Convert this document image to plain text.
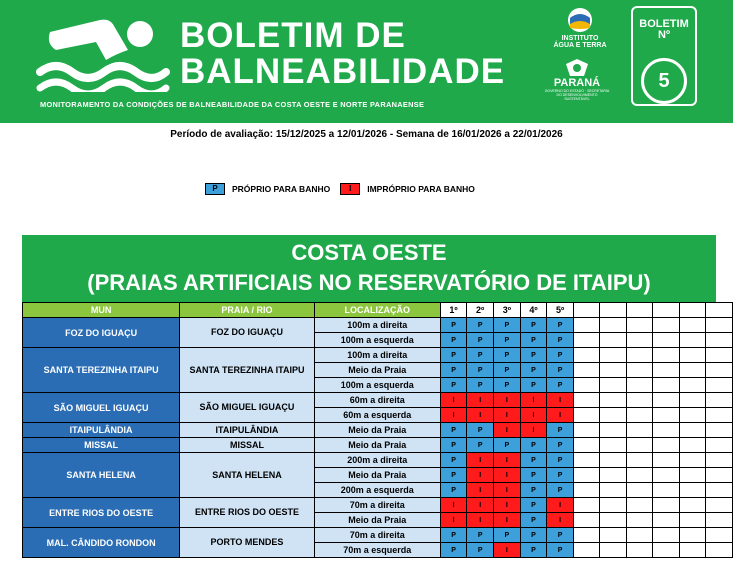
BOLETIM DE
BALNEABILIDADE
MONITORAMENTO DA CONDIÇÕES DE BALNEABILIDADE DA COSTA OESTE E NORTE PARANAENSE
INSTITUTO
ÁGUA E TERRA
PARANÁ
GOVERNO DO ESTADO · SECRETARIA DO DESENVOLVIMENTO SUSTENTÁVEL
BOLETIM
Nº
5
Período de avaliação: 15/12/2025 a 12/01/2026 - Semana de 16/01/2026 a 22/01/2026
P	PRÓPRIO PARA BANHO	I	IMPRÓPRIO PARA BANHO
COSTA OESTE
(PRAIAS ARTIFICIAIS NO RESERVATÓRIO DE ITAIPU)
MUN	PRAIA / RIO	LOCALIZAÇÃO	1º	2º	3º	4º	5º						
FOZ DO IGUAÇU	FOZ DO IGUAÇU	100m a direita	P	P	P	P	P						
		100m a esquerda	P	P	P	P	P						
SANTA TEREZINHA ITAIPU	SANTA TEREZINHA ITAIPU	100m a direita	P	P	P	P	P						
		Meio da Praia	P	P	P	P	P						
		100m a esquerda	P	P	P	P	P						
SÃO MIGUEL IGUAÇU	SÃO MIGUEL IGUAÇU	60m a direita	I	I	I	I	I						
		60m a esquerda	I	I	I	I	I						
ITAIPULÂNDIA	ITAIPULÂNDIA	Meio da Praia	P	P	I	I	P						
MISSAL	MISSAL	Meio da Praia	P	P	P	P	P						
SANTA HELENA	SANTA HELENA	200m a direita	P	I	I	P	P						
		Meio da Praia	P	I	I	P	P						
		200m a esquerda	P	I	I	P	P						
ENTRE RIOS DO OESTE	ENTRE RIOS DO OESTE	70m a direita	I	I	I	P	I						
		Meio da Praia	I	I	I	P	I						
MAL. CÂNDIDO RONDON	PORTO MENDES	70m a direita	P	P	P	P	P						
		70m a esquerda	P	P	I	P	P						
